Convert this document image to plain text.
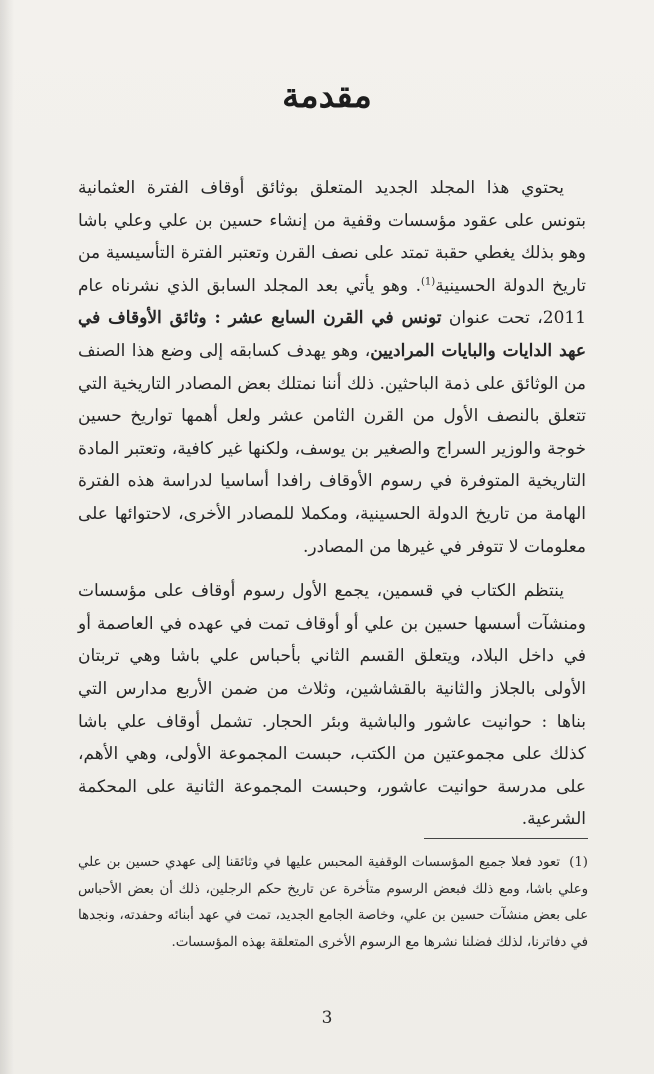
مقدمة

يحتوي هذا المجلد الجديد المتعلق بوثائق أوقاف الفترة العثمانية بتونس على عقود مؤسسات وقفية من إنشاء حسين بن علي وعلي باشا وهو بذلك يغطي حقبة تمتد على نصف القرن وتعتبر الفترة التأسيسية من تاريخ الدولة الحسينية$^{(1)}$. وهو يأتي بعد المجلد السابق الذي نشرناه عام 2011، تحت عنوان تونس في القرن السابع عشر : وثائق الأوقاف في عهد الدايات والبايات المراديين، وهو يهدف كسابقه إلى وضع هذا الصنف من الوثائق على ذمة الباحثين. ذلك أننا نمتلك بعض المصادر التاريخية التي تتعلق بالنصف الأول من القرن الثامن عشر ولعل أهمها تواريخ حسين خوجة والوزير السراج والصغير بن يوسف، ولكنها غير كافية، وتعتبر المادة التاريخية المتوفرة في رسوم الأوقاف رافدا أساسيا لدراسة هذه الفترة الهامة من تاريخ الدولة الحسينية، ومكملا للمصادر الأخرى، لاحتوائها على معلومات لا تتوفر في غيرها من المصادر.

ينتظم الكتاب في قسمين، يجمع الأول رسوم أوقاف على مؤسسات ومنشآت أسسها حسين بن علي أو أوقاف تمت في عهده في العاصمة أو في داخل البلاد، ويتعلق القسم الثاني بأحباس علي باشا وهي تربتان الأولى بالجلاز والثانية بالقشاشين، وثلاث من ضمن الأربع مدارس التي بناها : حوانيت عاشور والباشية وبئر الحجار. تشمل أوقاف علي باشا كذلك على مجموعتين من الكتب، حبست المجموعة الأولى، وهي الأهم، على مدرسة حوانيت عاشور، وحبست المجموعة الثانية على المحكمة الشرعية.

(1) تعود فعلا جميع المؤسسات الوقفية المحبس عليها في وثائقنا إلى عهدي حسين بن علي وعلي باشا، ومع ذلك فبعض الرسوم متأخرة عن تاريخ حكم الرجلين، ذلك أن بعض الأحباس على بعض منشآت حسين بن علي، وخاصة الجامع الجديد، تمت في عهد أبنائه وحفدته، ونجدها في دفاترنا، لذلك فضلنا نشرها مع الرسوم الأخرى المتعلقة بهذه المؤسسات.
3
